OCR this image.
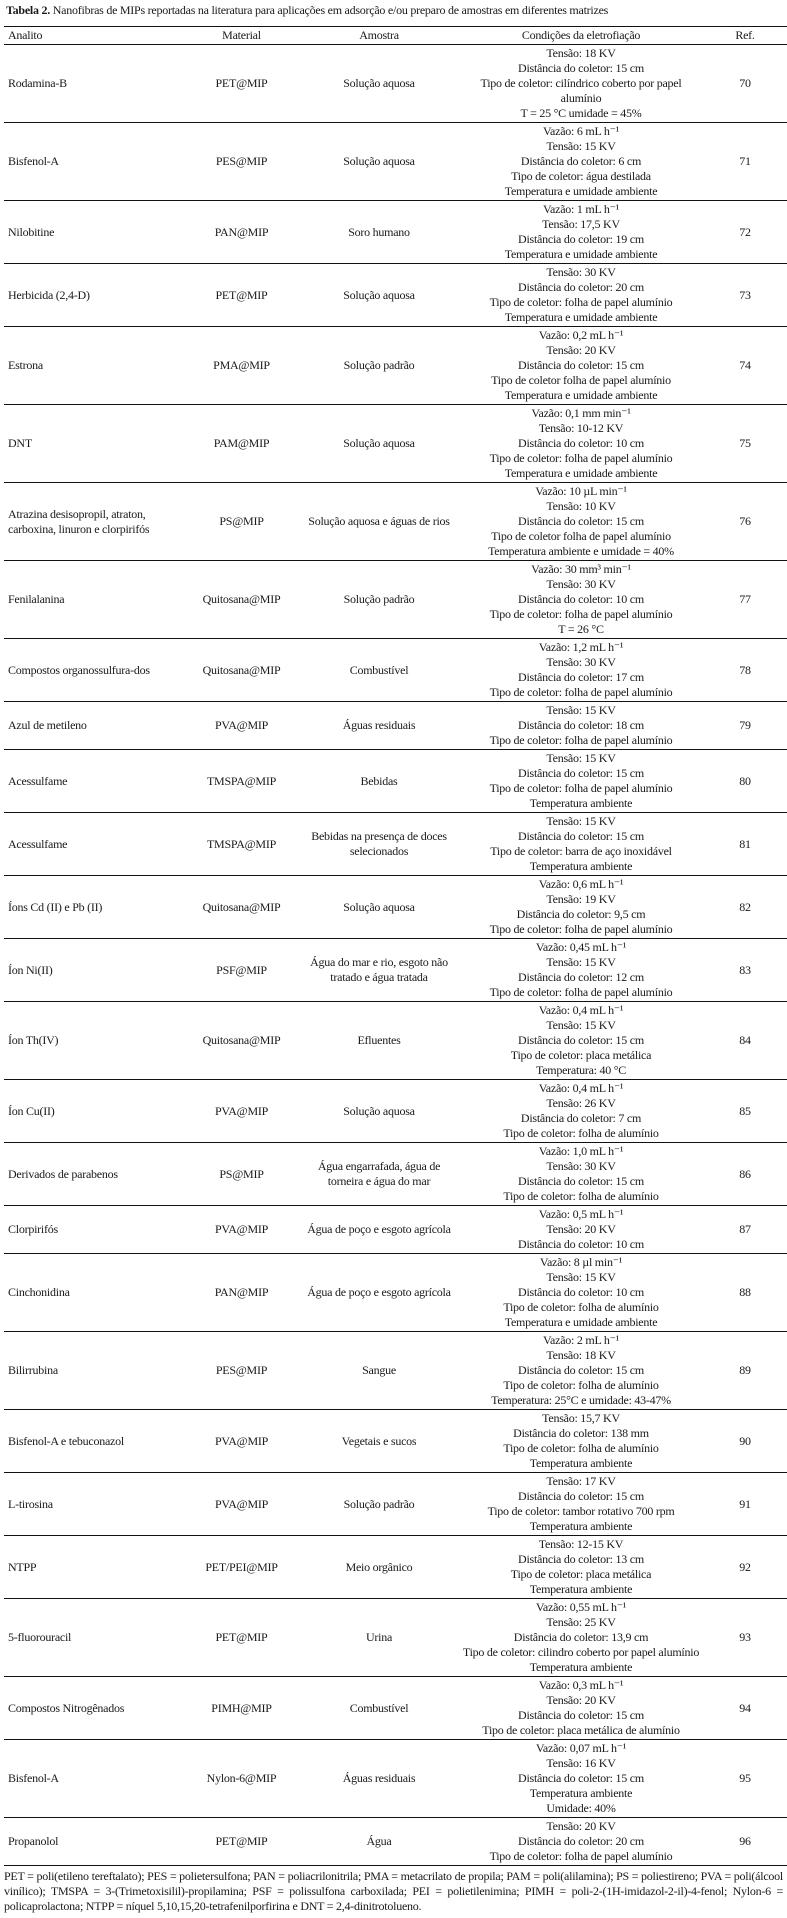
Tabela 2. Nanofibras de MIPs reportadas na literatura para aplicações em adsorção e/ou preparo de amostras em diferentes matrizes
Analito	Material	Amostra	Condições da eletrofiação	Ref.
Rodamina-B	PET@MIP	Solução aquosa	Tensão: 18 KV
Distância do coletor: 15 cm
Tipo de coletor: cilíndrico coberto por papel alumínio
T = 25 °C umidade = 45%	70
Bisfenol-A	PES@MIP	Solução aquosa	Vazão: 6 mL h⁻¹
Tensão: 15 KV
Distância do coletor: 6 cm
Tipo de coletor: água destilada
Temperatura e umidade ambiente	71
Nilobitine	PAN@MIP	Soro humano	Vazão: 1 mL h⁻¹
Tensão: 17,5 KV
Distância do coletor: 19 cm
Temperatura e umidade ambiente	72
Herbicida (2,4-D)	PET@MIP	Solução aquosa	Tensão: 30 KV
Distância do coletor: 20 cm
Tipo de coletor: folha de papel alumínio
Temperatura e umidade ambiente	73
Estrona	PMA@MIP	Solução padrão	Vazão: 0,2 mL h⁻¹
Tensão: 20 KV
Distância do coletor: 15 cm
Tipo de coletor folha de papel alumínio
Temperatura e umidade ambiente	74
DNT	PAM@MIP	Solução aquosa	Vazão: 0,1 mm min⁻¹
Tensão: 10-12 KV
Distância do coletor: 10 cm
Tipo de coletor: folha de papel alumínio
Temperatura e umidade ambiente	75
Atrazina desisopropil, atraton, carboxina, linuron e clorpirifós	PS@MIP	Solução aquosa e águas de rios	Vazão: 10 µL min⁻¹
Tensão: 10 KV
Distância do coletor: 15 cm
Tipo de coletor folha de papel alumínio
Temperatura ambiente e umidade = 40%	76
Fenilalanina	Quitosana@MIP	Solução padrão	Vazão: 30 mm³ min⁻¹
Tensão: 30 KV
Distância do coletor: 10 cm
Tipo de coletor: folha de papel alumínio
T = 26 °C	77
Compostos organossulfura-dos	Quitosana@MIP	Combustível	Vazão: 1,2 mL h⁻¹
Tensão: 30 KV
Distância do coletor: 17 cm
Tipo de coletor: folha de papel alumínio	78
Azul de metileno	PVA@MIP	Águas residuais	Tensão: 15 KV
Distância do coletor: 18 cm
Tipo de coletor: folha de papel alumínio	79
Acessulfame	TMSPA@MIP	Bebidas	Tensão: 15 KV
Distância do coletor: 15 cm
Tipo de coletor: folha de papel alumínio
Temperatura ambiente	80
Acessulfame	TMSPA@MIP	Bebidas na presença de doces selecionados	Tensão: 15 KV
Distância do coletor: 15 cm
Tipo de coletor: barra de aço inoxidável
Temperatura ambiente	81
Íons Cd (II) e Pb (II)	Quitosana@MIP	Solução aquosa	Vazão: 0,6 mL h⁻¹
Tensão: 19 KV
Distância do coletor: 9,5 cm
Tipo de coletor: folha de papel alumínio	82
Íon Ni(II)	PSF@MIP	Água do mar e rio, esgoto não tratado e água tratada	Vazão: 0,45 mL h⁻¹
Tensão: 15 KV
Distância do coletor: 12 cm
Tipo de coletor: folha de papel alumínio	83
Íon Th(IV)	Quitosana@MIP	Efluentes	Vazão: 0,4 mL h⁻¹
Tensão: 15 KV
Distância do coletor: 15 cm
Tipo de coletor: placa metálica
Temperatura: 40 °C	84
Íon Cu(II)	PVA@MIP	Solução aquosa	Vazão: 0,4 mL h⁻¹
Tensão: 26 KV
Distância do coletor: 7 cm
Tipo de coletor: folha de alumínio	85
Derivados de parabenos	PS@MIP	Água engarrafada, água de torneira e água do mar	Vazão: 1,0 mL h⁻¹
Tensão: 30 KV
Distância do coletor: 15 cm
Tipo de coletor: folha de alumínio	86
Clorpirifós	PVA@MIP	Água de poço e esgoto agrícola	Vazão: 0,5 mL h⁻¹
Tensão: 20 KV
Distância do coletor: 10 cm	87
Cinchonidina	PAN@MIP	Água de poço e esgoto agrícola	Vazão: 8 µl min⁻¹
Tensão: 15 KV
Distância do coletor: 10 cm
Tipo de coletor: folha de alumínio
Temperatura e umidade ambiente	88
Bilirrubina	PES@MIP	Sangue	Vazão: 2 mL h⁻¹
Tensão: 18 KV
Distância do coletor: 15 cm
Tipo de coletor: folha de alumínio
Temperatura: 25°C e umidade: 43-47%	89
Bisfenol-A e tebuconazol	PVA@MIP	Vegetais e sucos	Tensão: 15,7 KV
Distância do coletor: 138 mm
Tipo de coletor: folha de alumínio
Temperatura ambiente	90
L-tirosina	PVA@MIP	Solução padrão	Tensão: 17 KV
Distância do coletor: 15 cm
Tipo de coletor: tambor rotativo 700 rpm
Temperatura ambiente	91
NTPP	PET/PEI@MIP	Meio orgânico	Tensão: 12-15 KV
Distância do coletor: 13 cm
Tipo de coletor: placa metálica
Temperatura ambiente	92
5-fluorouracil	PET@MIP	Urina	Vazão: 0,55 mL h⁻¹
Tensão: 25 KV
Distância do coletor: 13,9 cm
Tipo de coletor: cilindro coberto por papel alumínio
Temperatura ambiente	93
Compostos Nitrogênados	PIMH@MIP	Combustível	Vazão: 0,3 mL h⁻¹
Tensão: 20 KV
Distância do coletor: 15 cm
Tipo de coletor: placa metálica de alumínio	94
Bisfenol-A	Nylon-6@MIP	Águas residuais	Vazão: 0,07 mL h⁻¹
Tensão: 16 KV
Distância do coletor: 15 cm
Temperatura ambiente
Umidade: 40%	95
Propanolol	PET@MIP	Água	Tensão: 20 KV
Distância do coletor: 20 cm
Tipo de coletor: folha de papel alumínio	96
PET = poli(etileno tereftalato); PES = polietersulfona; PAN = poliacrilonitrila; PMA = metacrilato de propila; PAM = poli(alilamina); PS = poliestireno; PVA = poli(álcool vinílico); TMSPA = 3-(Trimetoxisilil)-propilamina; PSF = polissulfona carboxilada; PEI = polietilenimina; PIMH = poli-2-(1H-imidazol-2-il)-4-fenol; Nylon-6 = policaprolactona; NTPP = níquel 5,10,15,20-tetrafenilporfirina e DNT = 2,4-dinitrotolueno.
